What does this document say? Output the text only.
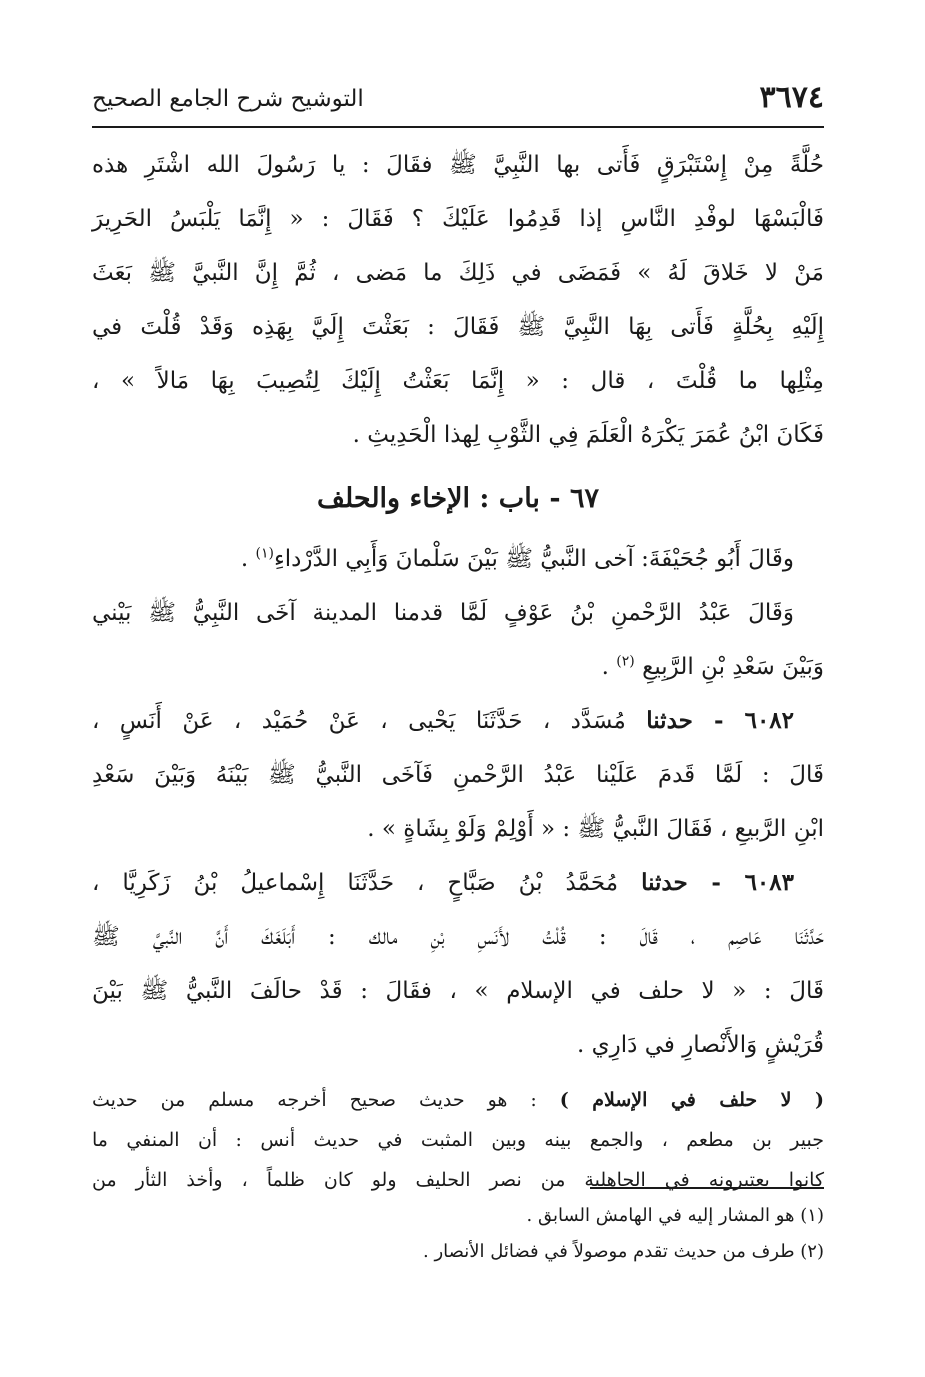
٣٦٧٤
التوشيح شرح الجامع الصحيح
حُلَّةً مِنْ إِسْتَبْرَقٍ فَأَتى بها النَّبِيَّ ﷺ فقَالَ : يا رَسُولَ الله اشْتَرِ هذه
فَالْبَسْهَا لوفْدِ النَّاسِ إذا قَدِمُوا عَلَيْكَ ؟ فَقَالَ : « إِنَّمَا يَلْبَسُ الحَرِيرَ
مَنْ لا خَلاقَ لَهُ » فَمَضَى في ذَلِكَ ما مَضى ، ثُمَّ إِنَّ النَّبيَّ ﷺ بَعَثَ
إِلَيْهِ بِحُلَّةٍ فَأَتى بِهَا النَّبِيَّ ﷺ فَقَالَ : بَعَثْتَ إِلَيَّ بِهَذِه وَقَدْ قُلْتَ في
مِثْلِها ما قُلْتَ ، قال : « إِنَّمَا بَعَثْتُ إِلَيْكَ لِتُصِيبَ بِهَا مَالاً » ،
فَكَانَ ابْنُ عُمَرَ يَكْرَهُ الْعَلَمَ فِي الثَّوْبِ لِهذا الْحَدِيثِ .
٦٧ - باب : الإخاء والحلف
وقَالَ أَبُو جُحَيْفَةَ: آخى النَّبيُّ ﷺ بَيْنَ سَلْمانَ وَأَبِي الدَّرْداءِ$^{(١)}$ .
وَقَالَ عَبْدُ الرَّحْمنِ بْنُ عَوْفٍ لَمَّا قدمنا المدينة آخَى النَّبِيُّ ﷺ بَيْني
وَبَيْنَ سَعْدِ بْنِ الرَّبِيعِ $^{(٢)}$ .
٦٠٨٢ - حدثنا مُسَدَّد ، حَدَّثَنَا يَحْيى ، عَنْ حُمَيْد ، عَنْ أَنَسٍ ،
قَالَ : لَمَّا قَدمَ عَلَيْنا عَبْدُ الرَّحْمنِ فَآخَى النَّبيُّ ﷺ بَيْنَهُ وَبَيْنَ سَعْدِ
ابْنِ الرَّبيعِ ، فَقَالَ النَّبيُّ ﷺ : « أَوْلِمْ وَلَوْ بِشَاةٍ » .
٦٠٨٣ - حدثنا مُحَمَّدُ بْنُ صَبَّاحٍ ، حَدَّثَنَا إِسْماعيلُ بْنُ زَكَرِيَّا ،
حَدَّثَنَا عَاصِم ، قَالَ : قُلْتُ لأَنَسِ بْنِ مالك : أَبَلَغَكَ أَنَّ النَّبيَّ ﷺ
قَالَ : « لا حلف في الإسلام » ، فقَالَ : قَدْ حالَفَ النَّبيُّ ﷺ بَيْنَ
قُرَيْشٍ وَالأَنْصارِ في دَارِي .
( لا حلف في الإسلام ) : هو حديث صحيح أخرجه مسلم من حديث
جبير بن مطعم ، والجمع بينه وبين المثبت في حديث أنس : أن المنفي ما
كانوا يعتبرونه في الجاهلية من نصر الحليف ولو كان ظلماً ، وأخذ الثأر من
(١) هو المشار إليه في الهامش السابق .
(٢) طرف من حديث تقدم موصولاً في فضائل الأنصار .
